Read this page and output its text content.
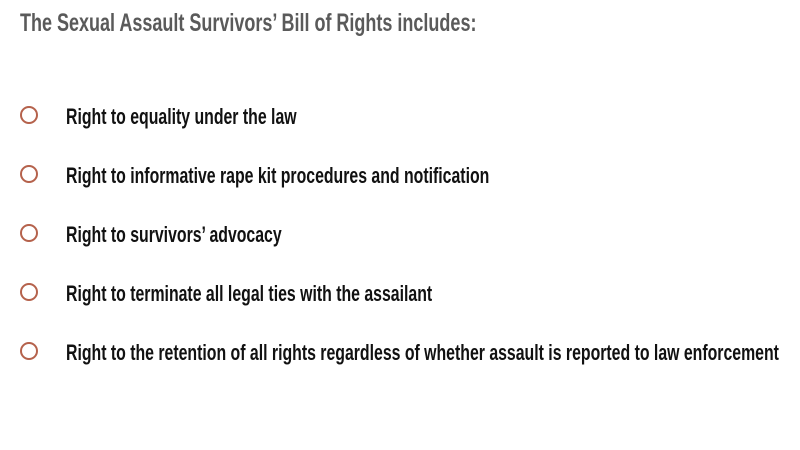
The Sexual Assault Survivors’ Bill of Rights includes:
Right to equality under the law
Right to informative rape kit procedures and notification
Right to survivors’ advocacy
Right to terminate all legal ties with the assailant
Right to the retention of all rights regardless of whether assault is reported to law enforcement
